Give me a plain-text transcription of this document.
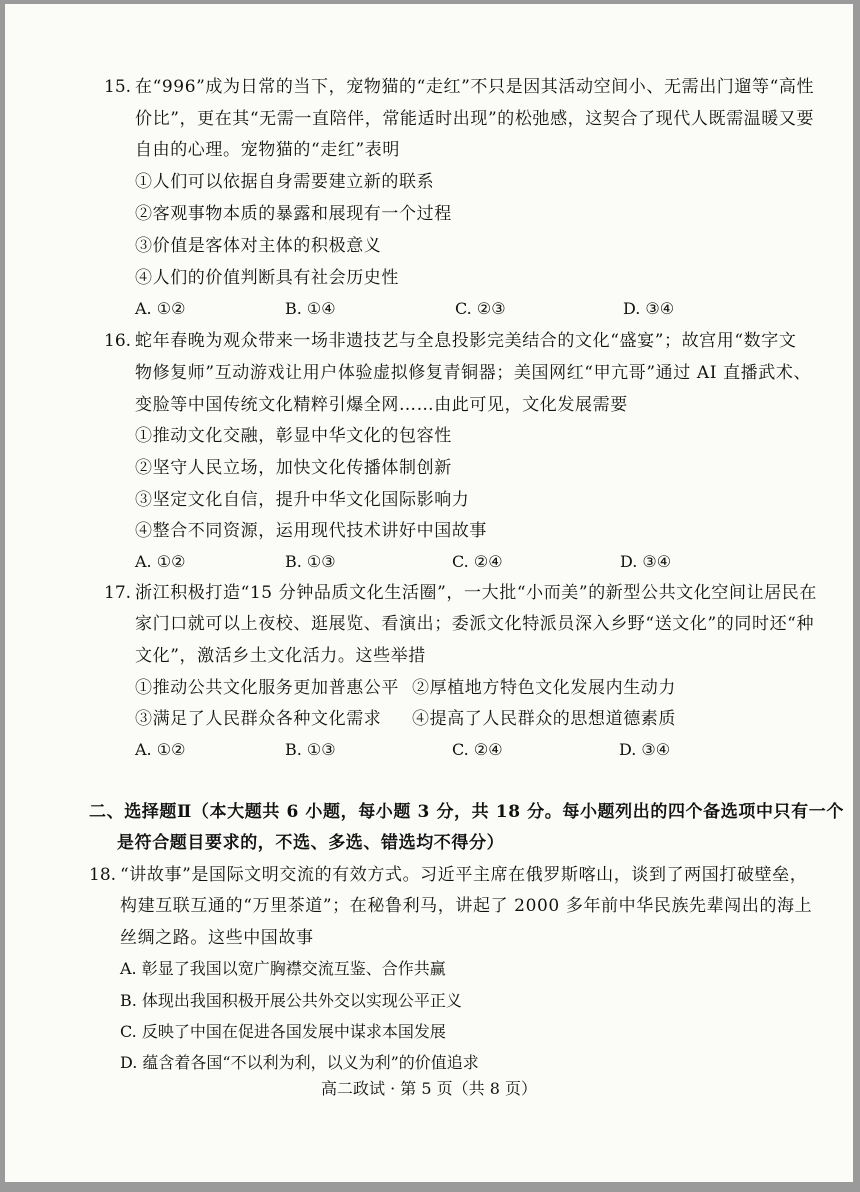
15. 在“996”成为日常的当下，宠物猫的“走红”不只是因其活动空间小、无需出门遛等“高性
价比”，更在其“无需一直陪伴，常能适时出现”的松弛感，这契合了现代人既需温暖又要
自由的心理。宠物猫的“走红”表明
①人们可以依据自身需要建立新的联系
②客观事物本质的暴露和展现有一个过程
③价值是客体对主体的积极意义
④人们的价值判断具有社会历史性
A. ①②	B. ①④	C. ②③	D. ③④
16. 蛇年春晚为观众带来一场非遗技艺与全息投影完美结合的文化“盛宴”；故宫用“数字文
物修复师”互动游戏让用户体验虚拟修复青铜器；美国网红“甲亢哥”通过 AI 直播武术、
变脸等中国传统文化精粹引爆全网……由此可见，文化发展需要
①推动文化交融，彰显中华文化的包容性
②坚守人民立场，加快文化传播体制创新
③坚定文化自信，提升中华文化国际影响力
④整合不同资源，运用现代技术讲好中国故事
A. ①②	B. ①③	C. ②④	D. ③④
17. 浙江积极打造“15 分钟品质文化生活圈”，一大批“小而美”的新型公共文化空间让居民在
家门口就可以上夜校、逛展览、看演出；委派文化特派员深入乡野“送文化”的同时还“种
文化”，激活乡土文化活力。这些举措
①推动公共文化服务更加普惠公平 ②厚植地方特色文化发展内生动力
③满足了人民群众各种文化需求 ④提高了人民群众的思想道德素质
A. ①②	B. ①③	C. ②④	D. ③④
二、选择题Ⅱ（本大题共 6 小题，每小题 3 分，共 18 分。每小题列出的四个备选项中只有一个
是符合题目要求的，不选、多选、错选均不得分）
18. “讲故事”是国际文明交流的有效方式。习近平主席在俄罗斯喀山，谈到了两国打破壁垒，
构建互联互通的“万里茶道”；在秘鲁利马，讲起了 2000 多年前中华民族先辈闯出的海上
丝绸之路。这些中国故事
A. 彰显了我国以宽广胸襟交流互鉴、合作共赢
B. 体现出我国积极开展公共外交以实现公平正义
C. 反映了中国在促进各国发展中谋求本国发展
D. 蕴含着各国“不以利为利，以义为利”的价值追求
高二政试 · 第 5 页（共 8 页）
